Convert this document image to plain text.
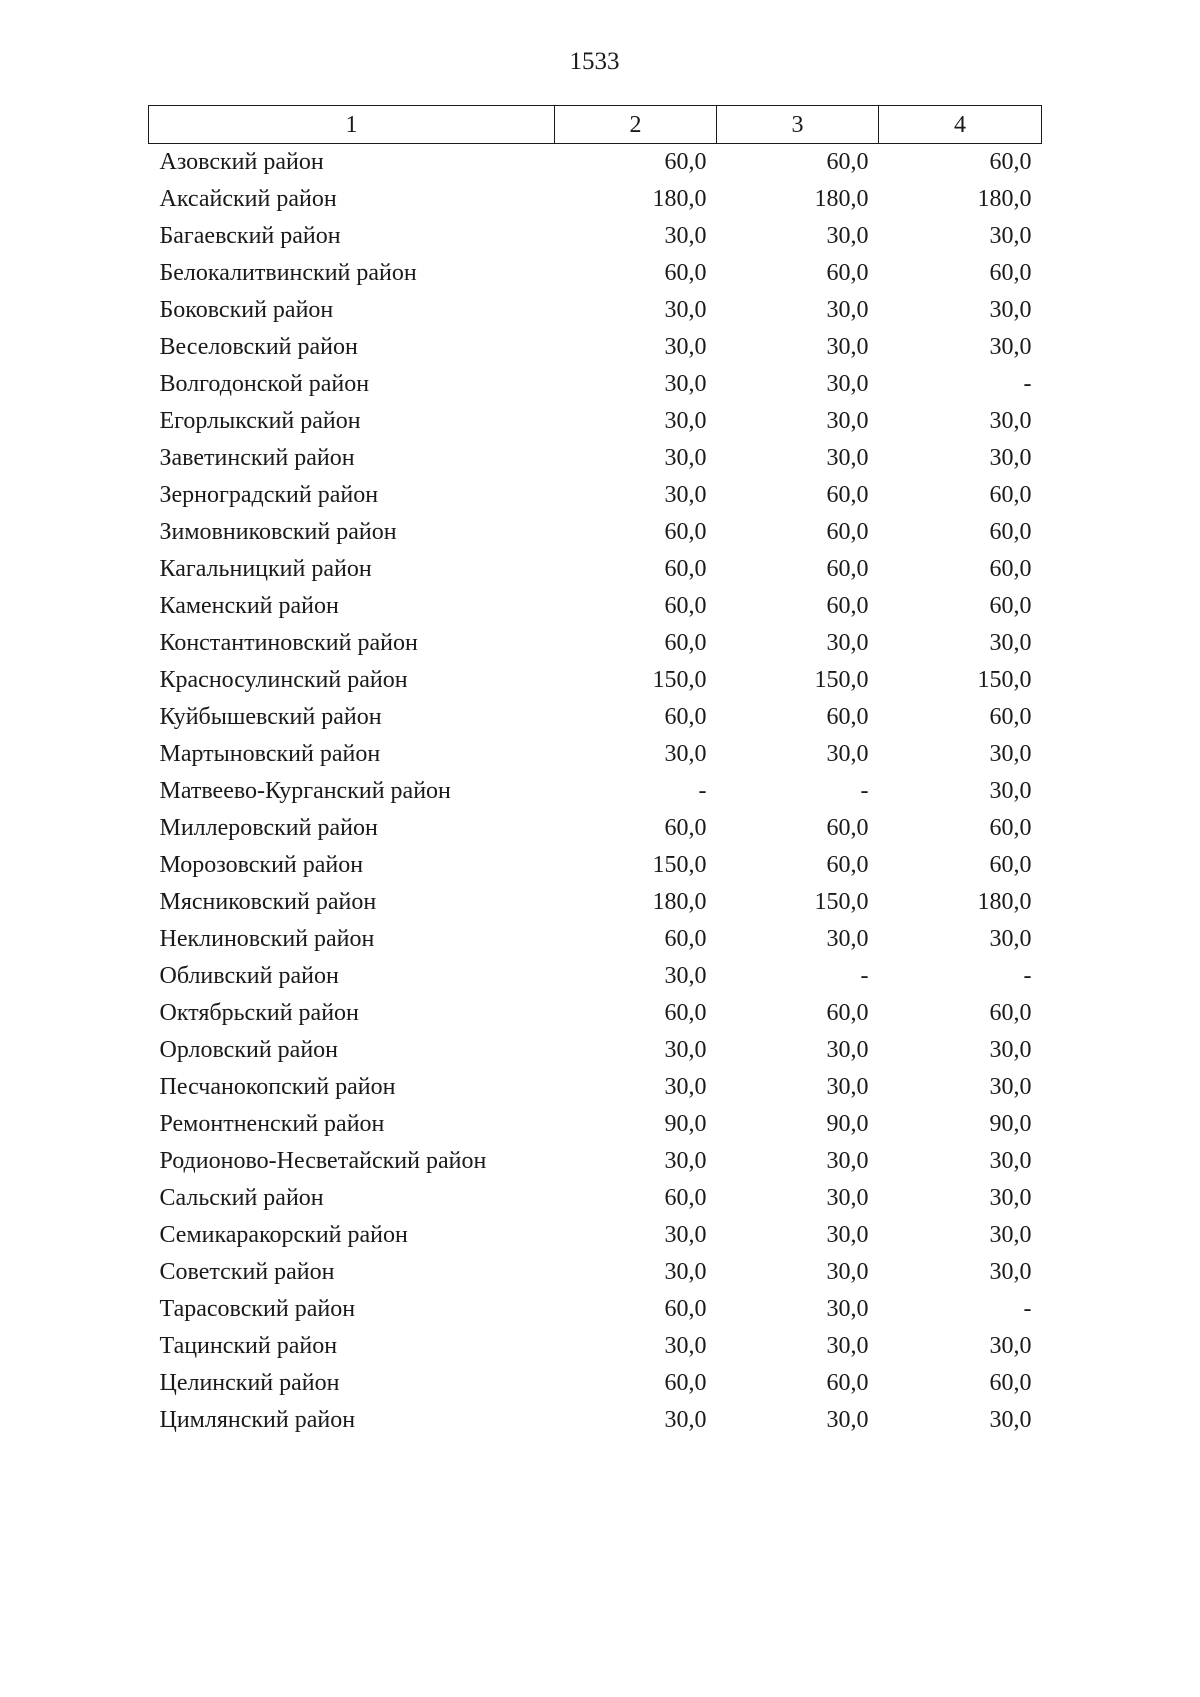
1533
1	2	3	4
Азовский район	60,0	60,0	60,0
Аксайский район	180,0	180,0	180,0
Багаевский район	30,0	30,0	30,0
Белокалитвинский район	60,0	60,0	60,0
Боковский район	30,0	30,0	30,0
Веселовский район	30,0	30,0	30,0
Волгодонской район	30,0	30,0	-
Егорлыкский район	30,0	30,0	30,0
Заветинский район	30,0	30,0	30,0
Зерноградский район	30,0	60,0	60,0
Зимовниковский район	60,0	60,0	60,0
Кагальницкий район	60,0	60,0	60,0
Каменский район	60,0	60,0	60,0
Константиновский район	60,0	30,0	30,0
Красносулинский район	150,0	150,0	150,0
Куйбышевский район	60,0	60,0	60,0
Мартыновский район	30,0	30,0	30,0
Матвеево-Курганский район	-	-	30,0
Миллеровский район	60,0	60,0	60,0
Морозовский район	150,0	60,0	60,0
Мясниковский район	180,0	150,0	180,0
Неклиновский район	60,0	30,0	30,0
Обливский район	30,0	-	-
Октябрьский район	60,0	60,0	60,0
Орловский район	30,0	30,0	30,0
Песчанокопский район	30,0	30,0	30,0
Ремонтненский район	90,0	90,0	90,0
Родионово-Несветайский район	30,0	30,0	30,0
Сальский район	60,0	30,0	30,0
Семикаракорский район	30,0	30,0	30,0
Советский район	30,0	30,0	30,0
Тарасовский район	60,0	30,0	-
Тацинский район	30,0	30,0	30,0
Целинский район	60,0	60,0	60,0
Цимлянский район	30,0	30,0	30,0
